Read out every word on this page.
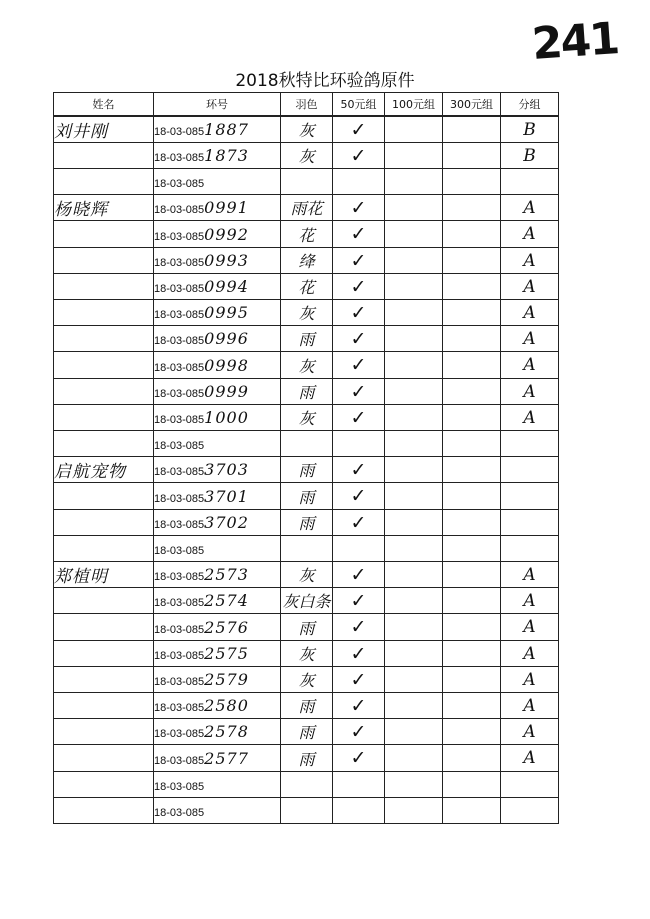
241
2018秋特比环验鸽原件
姓名	环号	羽色	50元组	100元组	300元组	分组
刘井刚	18-03-0851887	灰	✓			B
	18-03-0851873	灰	✓			B
	18-03-085					
杨晓辉	18-03-0850991	雨花	✓			A
	18-03-0850992	花	✓			A
	18-03-0850993	绛	✓			A
	18-03-0850994	花	✓			A
	18-03-0850995	灰	✓			A
	18-03-0850996	雨	✓			A
	18-03-0850998	灰	✓			A
	18-03-0850999	雨	✓			A
	18-03-0851000	灰	✓			A
	18-03-085					
启航宠物	18-03-0853703	雨	✓			
	18-03-0853701	雨	✓			
	18-03-0853702	雨	✓			
	18-03-085					
郑植明	18-03-0852573	灰	✓			A
	18-03-0852574	灰白条	✓			A
	18-03-0852576	雨	✓			A
	18-03-0852575	灰	✓			A
	18-03-0852579	灰	✓			A
	18-03-0852580	雨	✓			A
	18-03-0852578	雨	✓			A
	18-03-0852577	雨	✓			A
	18-03-085					
	18-03-085					
